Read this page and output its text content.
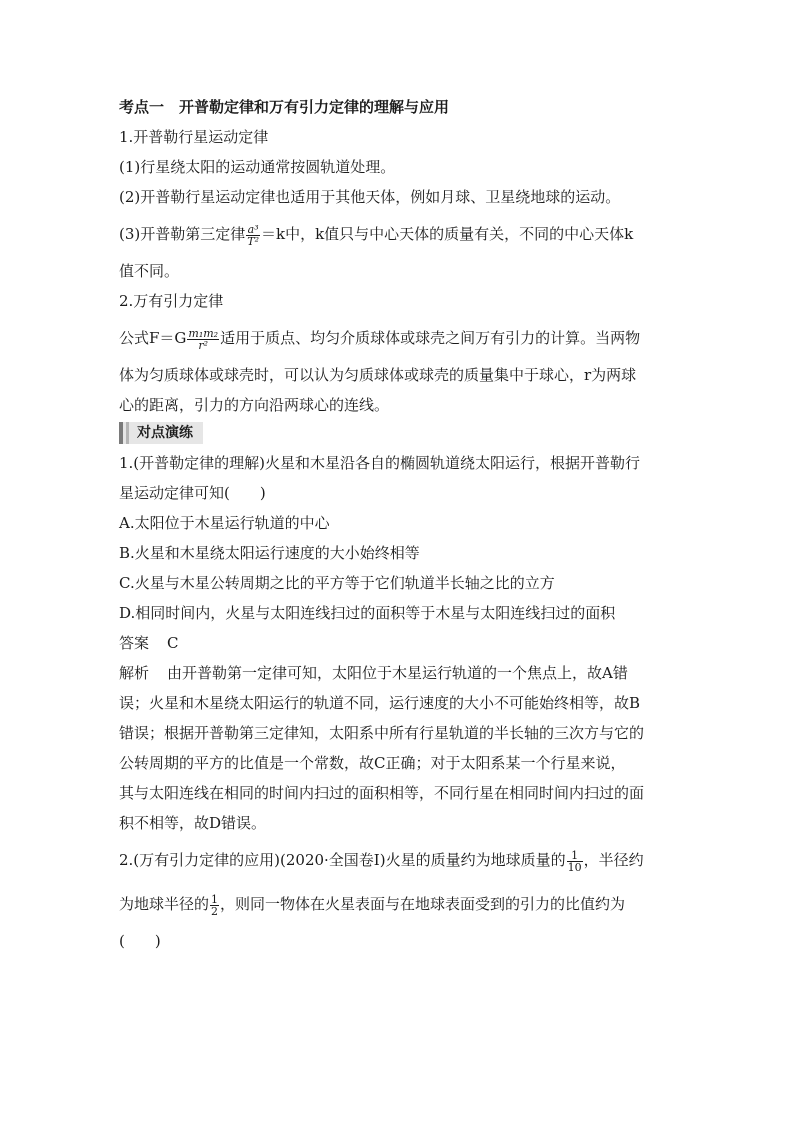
考点一　开普勒定律和万有引力定律的理解与应用
1.开普勒行星运动定律
(1)行星绕太阳的运动通常按圆轨道处理。
(2)开普勒行星运动定律也适用于其他天体，例如月球、卫星绕地球的运动。
(3)开普勒第三定律 $\frac{\text{a³}}{\text{T²}} =k$中，k值只与中心天体的质量有关，不同的中心天体k
值不同。
2.万有引力定律
公式$F=G \frac{\text{m₁m₂}}{\text{r²}}$ 适用于质点、均匀介质球体或球壳之间万有引力的计算。当两物
体为匀质球体或球壳时，可以认为匀质球体或球壳的质量集中于球心，r为两球
心的距离，引力的方向沿两球心的连线。
对点演练
1.(开普勒定律的理解)火星和木星沿各自的椭圆轨道绕太阳运行，根据开普勒行
星运动定律可知(　　)
A.太阳位于木星运行轨道的中心
B.火星和木星绕太阳运行速度的大小始终相等
C.火星与木星公转周期之比的平方等于它们轨道半长轴之比的立方
D.相同时间内，火星与太阳连线扫过的面积等于木星与太阳连线扫过的面积
答案 C
解析 由开普勒第一定律可知，太阳位于木星运行轨道的一个焦点上，故A错
误；火星和木星绕太阳运行的轨道不同，运行速度的大小不可能始终相等，故B
错误；根据开普勒第三定律知，太阳系中所有行星轨道的半长轴的三次方与它的
公转周期的平方的比值是一个常数，故C正确；对于太阳系某一个行星来说，
其与太阳连线在相同的时间内扫过的面积相等，不同行星在相同时间内扫过的面
积不相等，故D错误。
2.(万有引力定律的应用)(2020·全国卷Ⅰ)火星的质量约为地球质量的 $\frac{1}{10}$ ，半径约
为地球半径的 $\frac{1}{2}$ ，则同一物体在火星表面与在地球表面受到的引力的比值约为
(　　)
